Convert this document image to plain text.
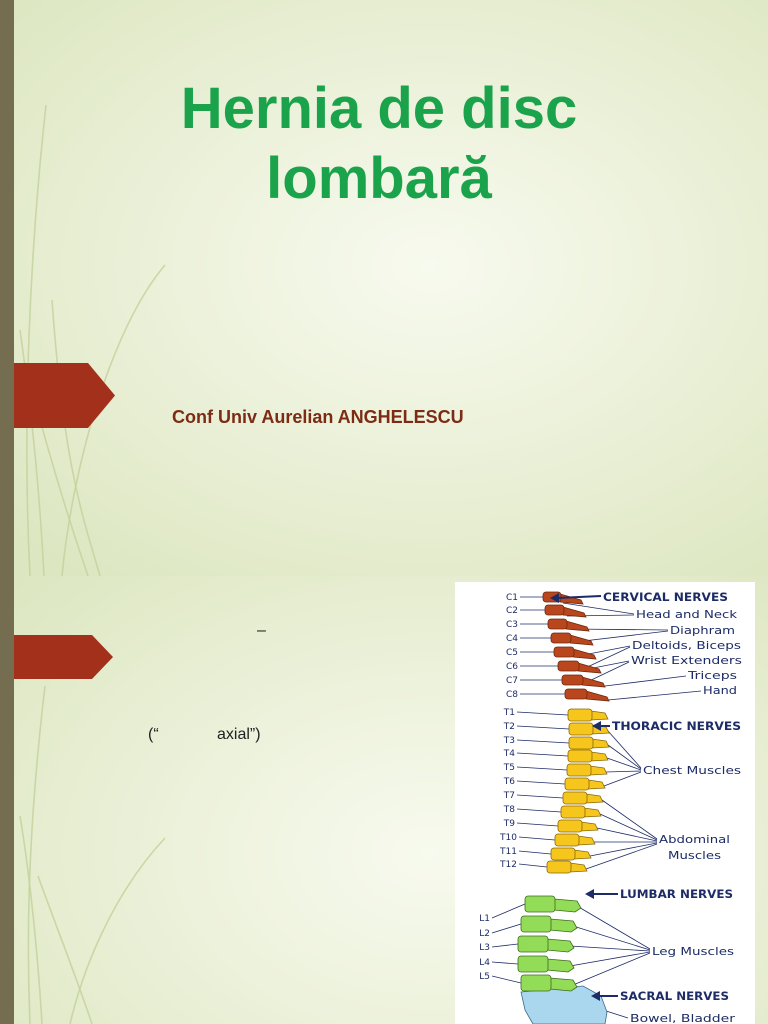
Hernia de disc
lombară
Conf Univ Aurelian ANGHELESCU
–
(“	axial”)
C1
C2
C3
C4
C5
C6
C7
C8
T1
T2
T3
T4
T5
T6
T7
T8
T9
T10
T11
T12
L1
L2
L3
L4
L5
CERVICAL NERVES
Head and Neck
Diaphram
Deltoids, Biceps
Wrist Extenders
Triceps
Hand
THORACIC NERVES
Chest Muscles
Abdominal
Muscles
LUMBAR NERVES
Leg Muscles
SACRAL NERVES
Bowel, Bladder
